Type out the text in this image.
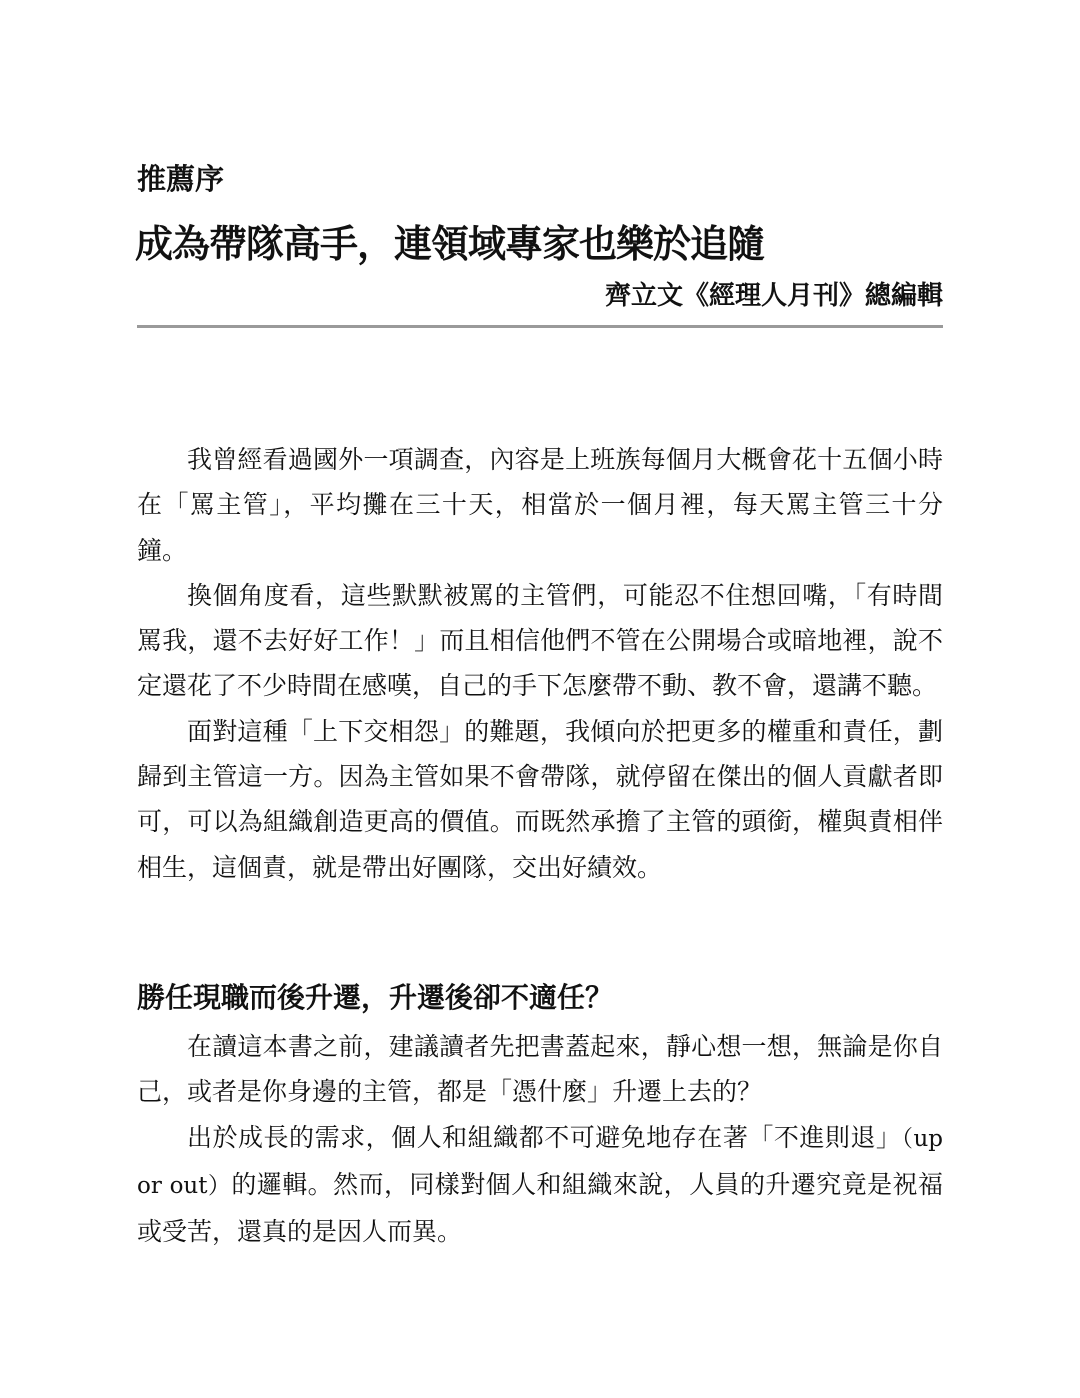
推薦序
成為帶隊高手，連領域專家也樂於追隨
齊立文《經理人月刊》總編輯

我曾經看過國外一項調查，內容是上班族每個月大概會花十五個小時在「罵主管」，平均攤在三十天，相當於一個月裡，每天罵主管三十分鐘。

換個角度看，這些默默被罵的主管們，可能忍不住想回嘴，「有時間罵我，還不去好好工作！」而且相信他們不管在公開場合或暗地裡，說不定還花了不少時間在感嘆，自己的手下怎麼帶不動、教不會，還講不聽。

面對這種「上下交相怨」的難題，我傾向於把更多的權重和責任，劃歸到主管這一方。因為主管如果不會帶隊，就停留在傑出的個人貢獻者即可，可以為組織創造更高的價值。而既然承擔了主管的頭銜，權與責相伴相生，這個責，就是帶出好團隊，交出好績效。

勝任現職而後升遷，升遷後卻不適任？

在讀這本書之前，建議讀者先把書蓋起來，靜心想一想，無論是你自己，或者是你身邊的主管，都是「憑什麼」升遷上去的？

出於成長的需求，個人和組織都不可避免地存在著「不進則退」（up or out）的邏輯。然而，同樣對個人和組織來說，人員的升遷究竟是祝福或受苦，還真的是因人而異。
